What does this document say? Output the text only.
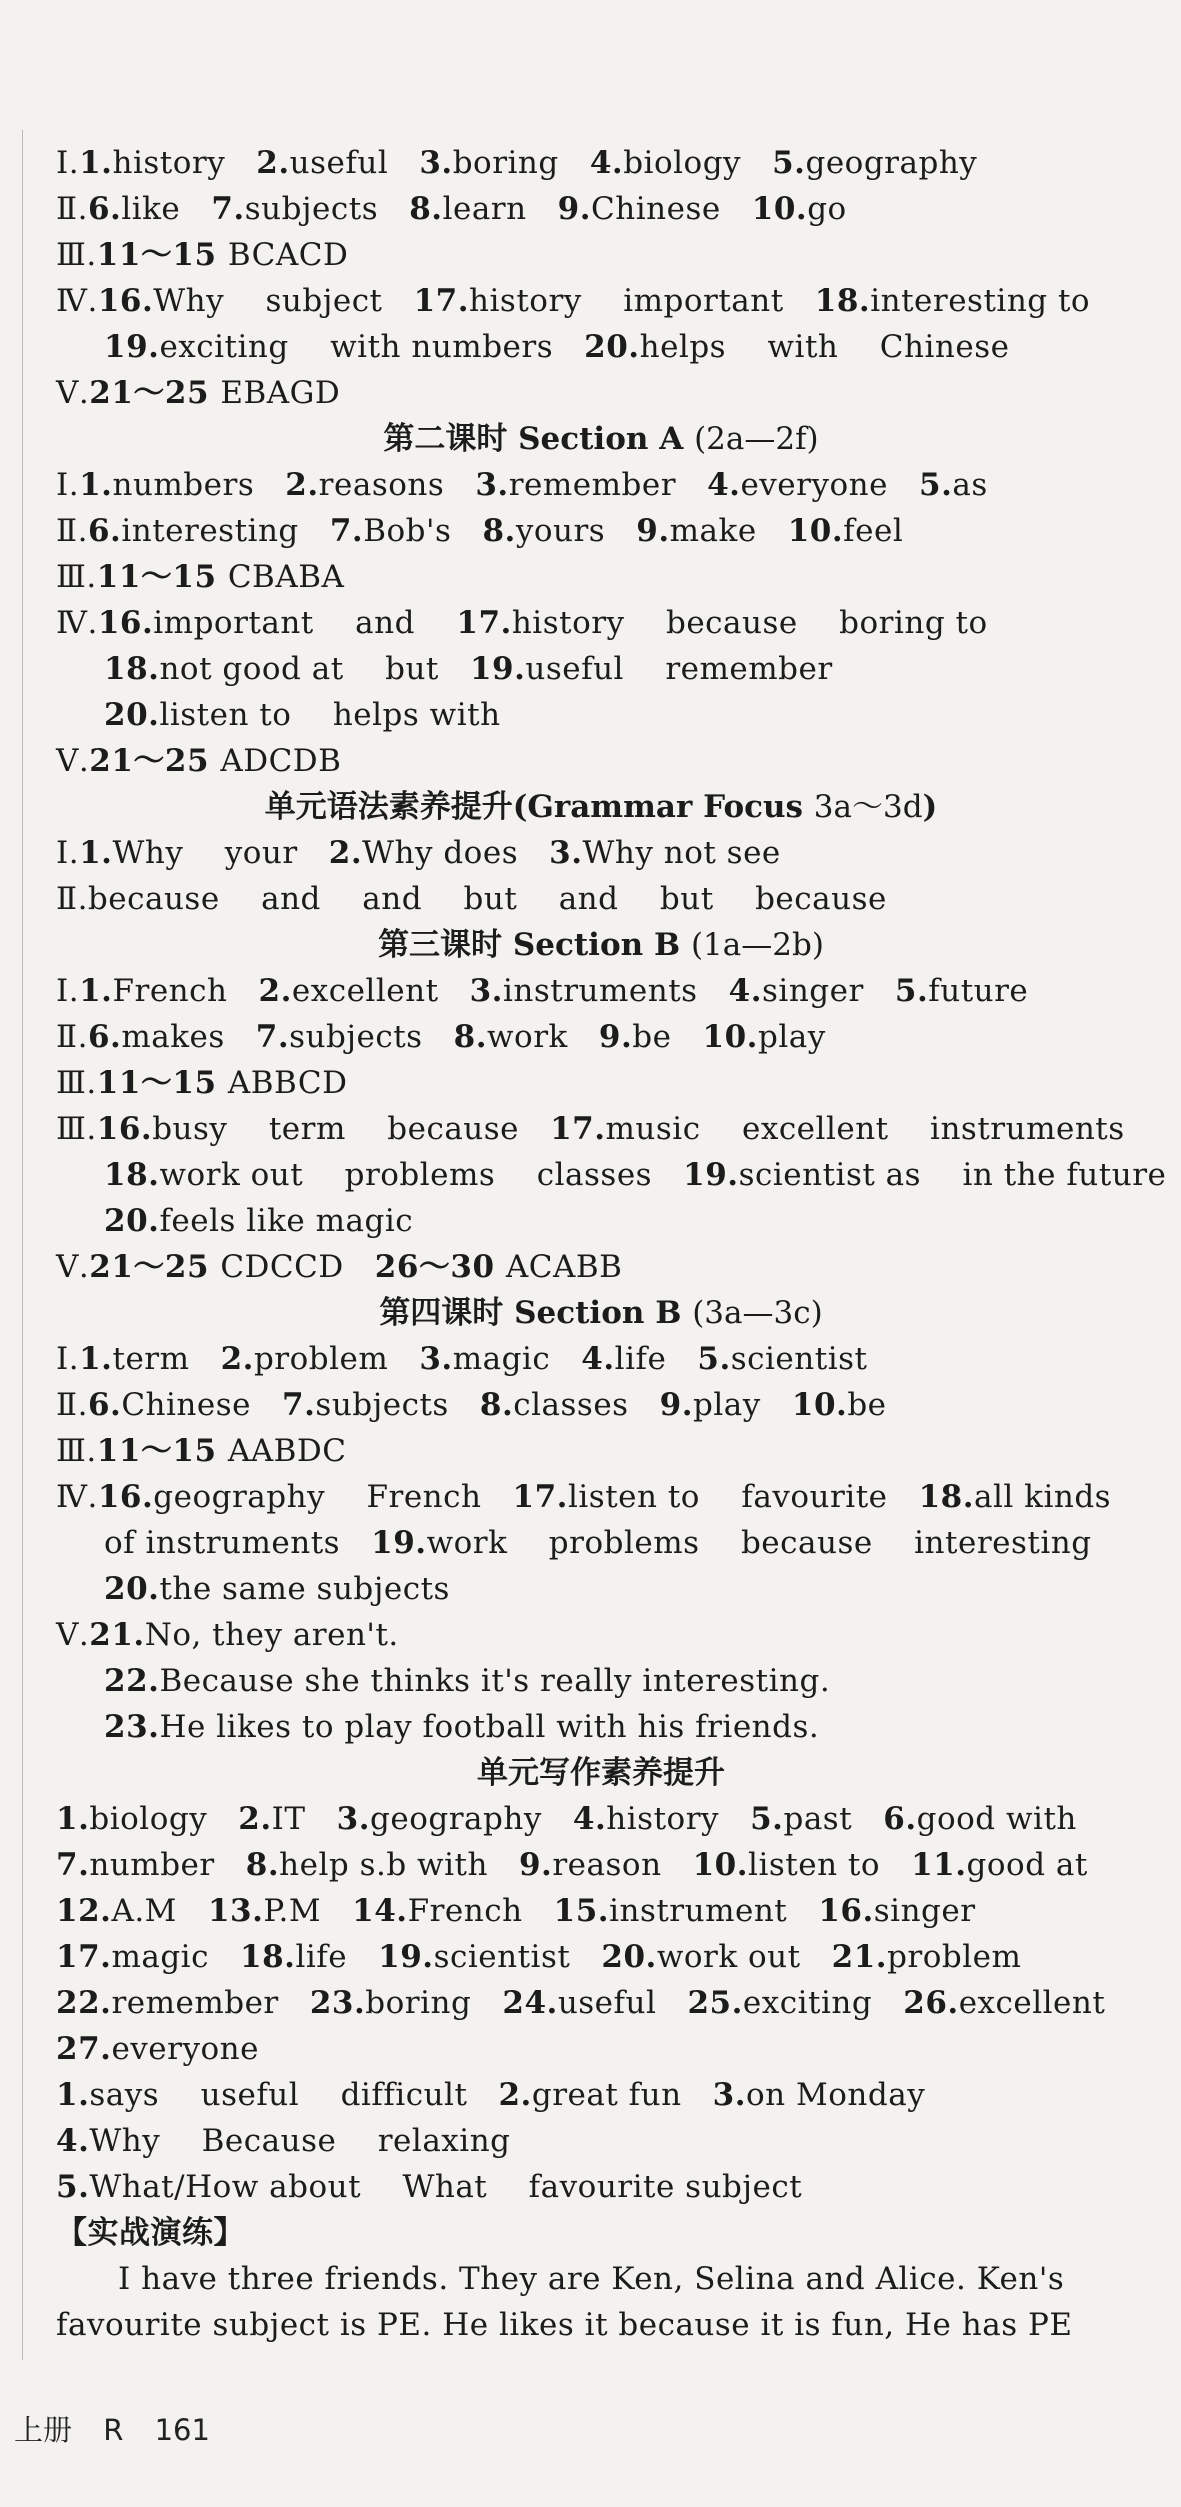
Ⅰ.1.history   2.useful   3.boring   4.biology   5.geography
Ⅱ.6.like   7.subjects   8.learn   9.Chinese   10.go
Ⅲ.11～15 BCACD
Ⅳ.16.Why    subject   17.history    important   18.interesting to
19.exciting    with numbers   20.helps    with    Chinese
Ⅴ.21～25 EBAGD
第二课时 Section A (2a—2f)
Ⅰ.1.numbers   2.reasons   3.remember   4.everyone   5.as
Ⅱ.6.interesting   7.Bob's   8.yours   9.make   10.feel
Ⅲ.11～15 CBABA
Ⅳ.16.important    and    17.history    because    boring to
18.not good at    but   19.useful    remember
20.listen to    helps with
Ⅴ.21～25 ADCDB
单元语法素养提升(Grammar Focus 3a～3d)
Ⅰ.1.Why    your   2.Why does   3.Why not see
Ⅱ.because    and    and    but    and    but    because
第三课时 Section B (1a—2b)
Ⅰ.1.French   2.excellent   3.instruments   4.singer   5.future
Ⅱ.6.makes   7.subjects   8.work   9.be   10.play
Ⅲ.11～15 ABBCD
Ⅲ.16.busy    term    because   17.music    excellent    instruments
18.work out    problems    classes   19.scientist as    in the future
20.feels like magic
Ⅴ.21～25 CDCCD   26～30 ACABB
第四课时 Section B (3a—3c)
Ⅰ.1.term   2.problem   3.magic   4.life   5.scientist
Ⅱ.6.Chinese   7.subjects   8.classes   9.play   10.be
Ⅲ.11～15 AABDC
Ⅳ.16.geography    French   17.listen to    favourite   18.all kinds
of instruments   19.work    problems    because    interesting
20.the same subjects
Ⅴ.21.No, they aren't.
22.Because she thinks it's really interesting.
23.He likes to play football with his friends.
单元写作素养提升
1.biology   2.IT   3.geography   4.history   5.past   6.good with
7.number   8.help s.b with   9.reason   10.listen to   11.good at
12.A.M   13.P.M   14.French   15.instrument   16.singer
17.magic   18.life   19.scientist   20.work out   21.problem
22.remember   23.boring   24.useful   25.exciting   26.excellent
27.everyone
1.says    useful    difficult   2.great fun   3.on Monday
4.Why    Because    relaxing
5.What/How about    What    favourite subject
【实战演练】
I have three friends. They are Ken, Selina and Alice. Ken's
favourite subject is PE. He likes it because it is fun, He has PE
上册 R 161
